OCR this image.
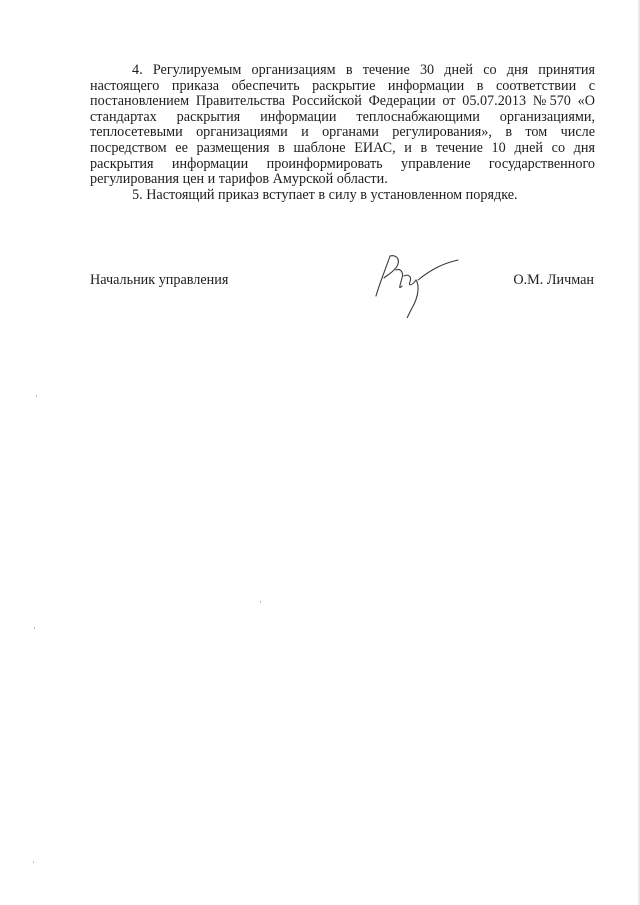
4. Регулируемым организациям в течение 30 дней со дня принятия настоящего приказа обеспечить раскрытие информации в соответствии с постановлением Правительства Российской Федерации от 05.07.2013 №570 «О стандартах раскрытия информации теплоснабжающими организациями, теплосетевыми организациями и органами регулирования», в том числе посредством ее размещения в шаблоне ЕИАС, и в течение 10 дней со дня раскрытия информации проинформировать управление государственного регулирования цен и тарифов Амурской области.

5. Настоящий приказ вступает в силу в установленном порядке.

Начальник управления	О.М. Личман
